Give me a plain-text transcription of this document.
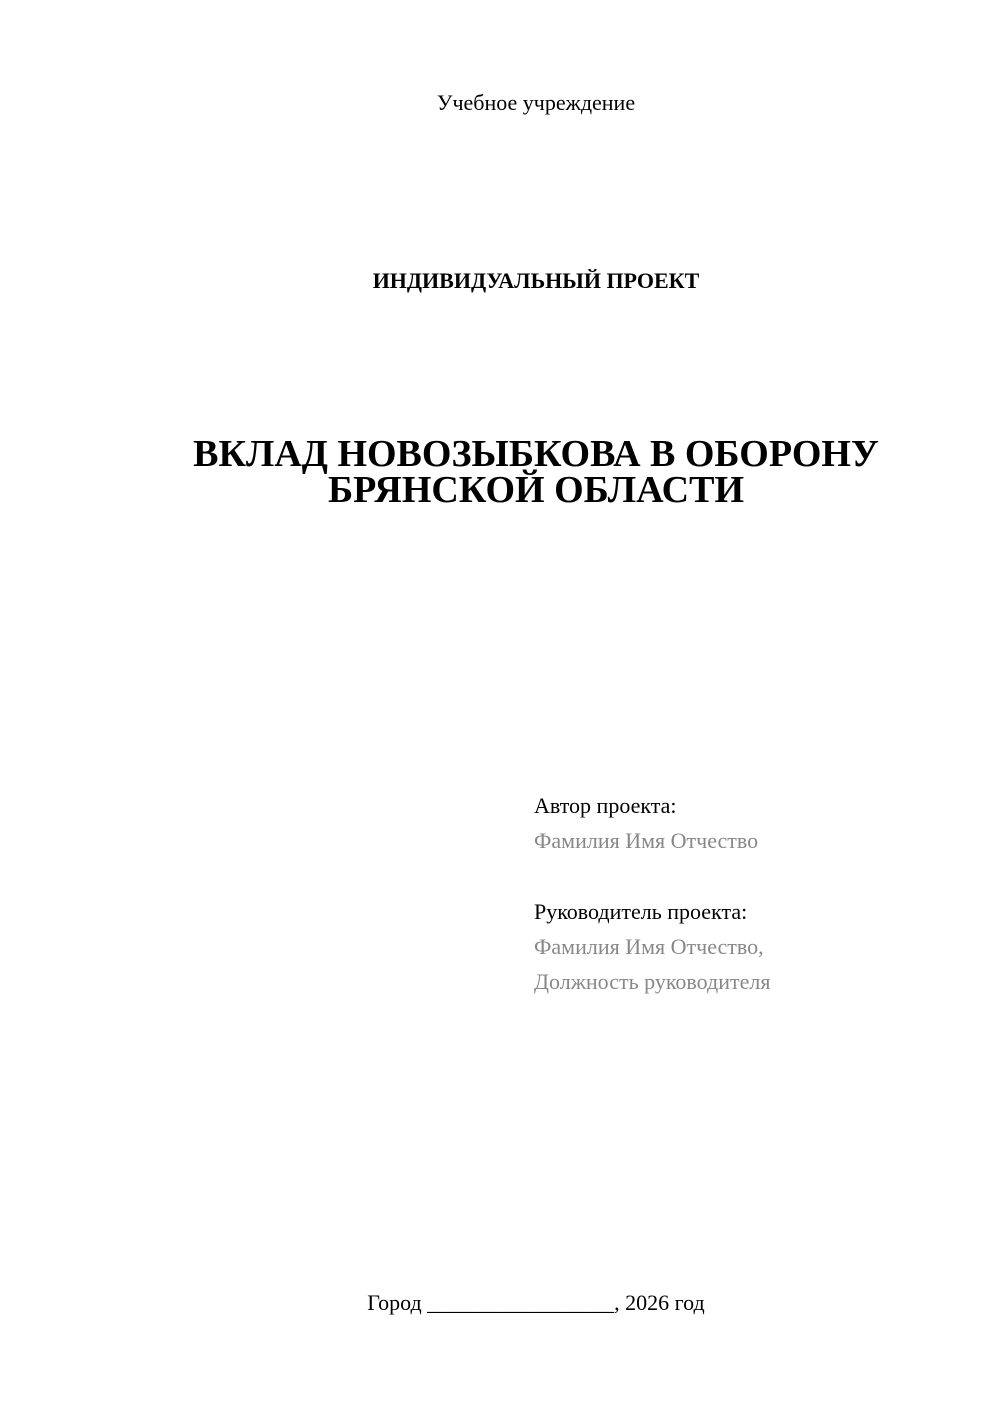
Учебное учреждение
ИНДИВИДУАЛЬНЫЙ ПРОЕКТ
ВКЛАД НОВОЗЫБКОВА В ОБОРОНУ
БРЯНСКОЙ ОБЛАСТИ
Автор проекта:
Фамилия Имя Отчество
Руководитель проекта:
Фамилия Имя Отчество,
Должность руководителя
Город _________________, 2026 год
